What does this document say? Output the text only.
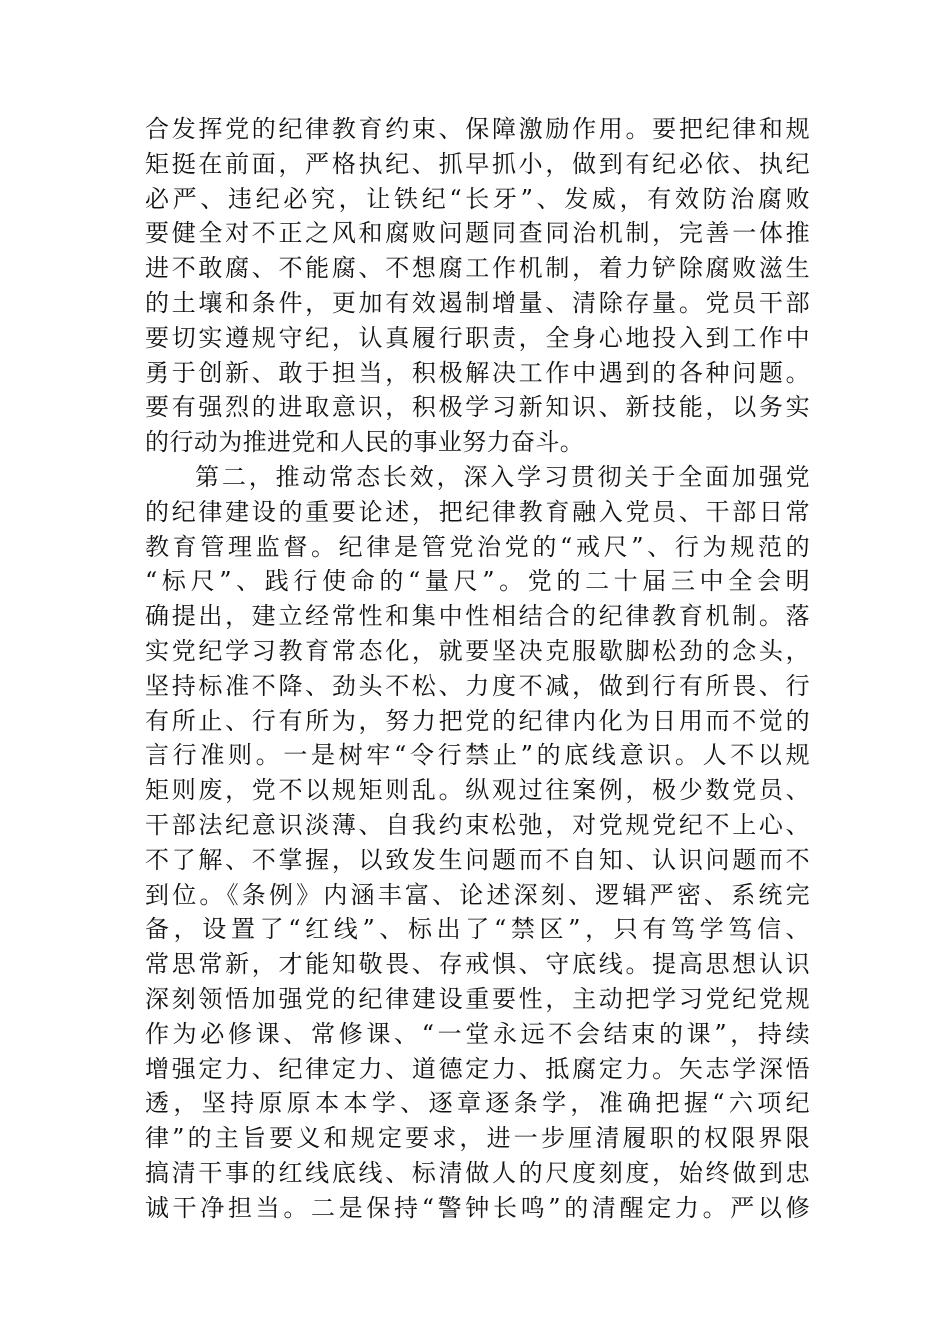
合发挥党的纪律教育约束、保障激励作用。要把纪律和规
矩挺在前面，严格执纪、抓早抓小，做到有纪必依、执纪
必严、违纪必究，让铁纪“长牙”、发威，有效防治腐败
要健全对不正之风和腐败问题同查同治机制，完善一体推
进不敢腐、不能腐、不想腐工作机制，着力铲除腐败滋生
的土壤和条件，更加有效遏制增量、清除存量。党员干部
要切实遵规守纪，认真履行职责，全身心地投入到工作中
勇于创新、敢于担当，积极解决工作中遇到的各种问题。
要有强烈的进取意识，积极学习新知识、新技能，以务实
的行动为推进党和人民的事业努力奋斗。
第二，推动常态长效，深入学习贯彻关于全面加强党
的纪律建设的重要论述，把纪律教育融入党员、干部日常
教育管理监督。纪律是管党治党的“戒尺”、行为规范的
“标尺”、践行使命的“量尺”。党的二十届三中全会明
确提出，建立经常性和集中性相结合的纪律教育机制。落
实党纪学习教育常态化，就要坚决克服歇脚松劲的念头，
坚持标准不降、劲头不松、力度不减，做到行有所畏、行
有所止、行有所为，努力把党的纪律内化为日用而不觉的
言行准则。一是树牢“令行禁止”的底线意识。人不以规
矩则废，党不以规矩则乱。纵观过往案例，极少数党员、
干部法纪意识淡薄、自我约束松弛，对党规党纪不上心、
不了解、不掌握，以致发生问题而不自知、认识问题而不
到位。《条例》内涵丰富、论述深刻、逻辑严密、系统完
备，设置了“红线”、标出了“禁区”，只有笃学笃信、
常思常新，才能知敬畏、存戒惧、守底线。提高思想认识
深刻领悟加强党的纪律建设重要性，主动把学习党纪党规
作为必修课、常修课、“一堂永远不会结束的课”，持续
增强定力、纪律定力、道德定力、抵腐定力。矢志学深悟
透，坚持原原本本学、逐章逐条学，准确把握“六项纪
律”的主旨要义和规定要求，进一步厘清履职的权限界限
搞清干事的红线底线、标清做人的尺度刻度，始终做到忠
诚干净担当。二是保持“警钟长鸣”的清醒定力。严以修
